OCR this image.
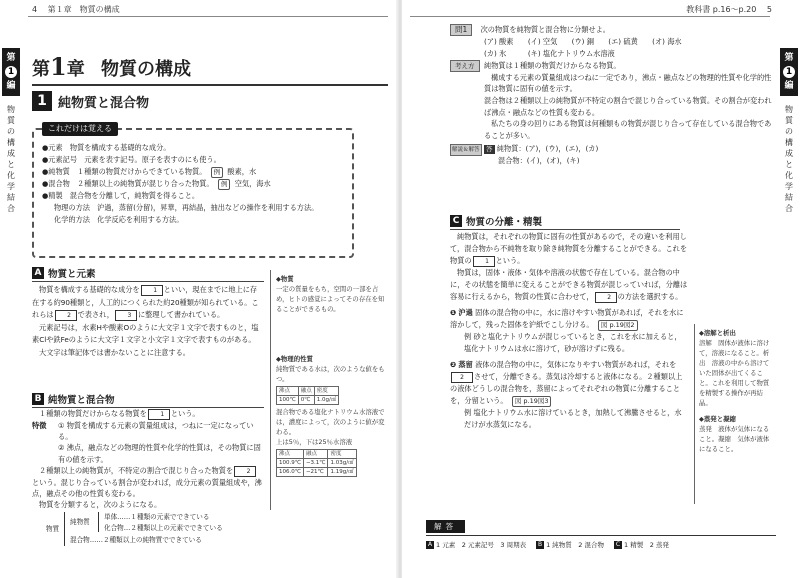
4 第１章　物質の構成
第
1
編
物質の構成と化学結合
第1章 物質の構成
1 純物質と混合物
これだけは覚える
●元素　物質を構成する基礎的な成分。
●元素記号　元素を表す記号。原子を表すのにも使う。
●純物質　１種類の物質だけからできている物質。 例 酸素，水
●混合物　２種類以上の純物質が混じり合った物質。 例 空気，海水
●精製　混合物を分離して，純物質を得ること。
物理の方法　沪過，蒸留(分留)，昇華，再結晶，抽出などの操作を利用する方法。
化学的方法　化学反応を利用する方法。
A 物質と元素
物質を構成する基礎的な成分を 1 といい，現在までに地上に存在する約90種類と，人工的につくられた約20種類が知られている。これらは 2 で表され， 3 に整理して書かれている。
元素記号は，水素Hや酸素Oのように大文字１文字で表すものと，塩素Clや鉄Feのように大文字１文字と小文字１文字で表すものがある。
大文字は筆記体では書かないことに注意する。
B 純物質と混合物
１種類の物質だけからなる物質を 1 という。
特徴	① 物質を構成する元素の質量組成は，つねに一定になっている。
② 沸点，融点などの物理的性質や化学的性質は，その物質に固有の値を示す。
２種類以上の純物質が，不特定の割合で混じり合った物質を 2という。混じり合っている割合が変われば，成分元素の質量組成や，沸点，融点その他の性質も変わる。
物質を分類すると，次のようになる。
物質
純物質
単体……１種類の元素でできている
化合物…２種類以上の元素でできている
混合物……２種類以上の純物質でできている
◆物質
一定の質量をもち，空間の一部を占め，ヒトの感覚によってその存在を知ることができるもの。
◆物理的性質
純物質である水は，次のような値をもつ。
沸点	融点	密度
100℃	0℃	1.0g/㎤
混合物である塩化ナトリウム水溶液では，濃度によって，次のように値が変わる。
上は5％，下は25％水溶液
沸点	融点	密度
100.9℃	−3.1℃	1.03g/㎤
106.0℃	−21℃	1.19g/㎤
教科書 p.16〜p.20 5
第
1
編
物質の構成と化学結合
問1 次の物質を純物質と混合物に分類せよ。
(ア) 酸素　　(イ) 空気　　(ウ) 銅　　(エ) 硫黄　　(オ) 海水
(カ) 氷　　　(キ) 塩化ナトリウム水溶液
考え方	純物質は１種類の物質だけからなる物質。
構成する元素の質量組成はつねに一定であり，沸点・融点などの物理的性質や化学的性質は物質に固有の値を示す。
混合物は２種類以上の純物質が不特定の割合で混じり合っている物質。その割合が変われば沸点・融点などの性質も変わる。
私たちの身の回りにある物質は何種類もの物質が混じり合って存在している混合物であることが多い。
解説＆解答 答 純物質：(ア)，(ウ)，(エ)，(カ)
混合物：(イ)，(オ)，(キ)
C 物質の分離・精製
純物質は，それぞれの物質に固有の性質があるので，その違いを利用して，混合物から不純物を取り除き純物質を分離することができる。これを物質の 1 という。
物質は，固体・液体・気体や溶液の状態で存在している。混合物の中に，その状態を簡単に変えることができる物質が混じっていれば，分離は容易に行えるから，物質の性質に合わせて， 2 の方法を選択する。
❶ 沪過 固体の混合物の中に，水に溶けやすい物質があれば，それを水に溶かして，残った固体を沪紙でこし分ける。 図 p.19図2
例 砂と塩化ナトリウムが混じっているとき，これを水に加えると，塩化ナトリウムは水に溶けて，砂が溶けずに残る。
❷ 蒸留 液体の混合物の中に，気体になりやすい物質があれば，それを2 させて，分離できる。蒸気は冷却すると液体になる。２種類以上の液体どうしの混合物を，蒸留によってそれぞれの物質に分離することを，分留という。 図 p.19図3
例 塩化ナトリウム水に溶けているとき，加熱して沸騰させると，水だけが水蒸気になる。
◆溶解と析出
溶解　固体が液体に溶けて，溶液になること。析出　溶液の中から溶けていた固体が出てくること。これを利用して物質を精製する操作が再結晶。
◆蒸発と凝縮
蒸発　液体が気体になること。凝縮　気体が液体になること。
解答
A 1 元素　2 元素記号　3 周期表	B 1 純物質　2 混合物	C 1 精製　2 蒸発
